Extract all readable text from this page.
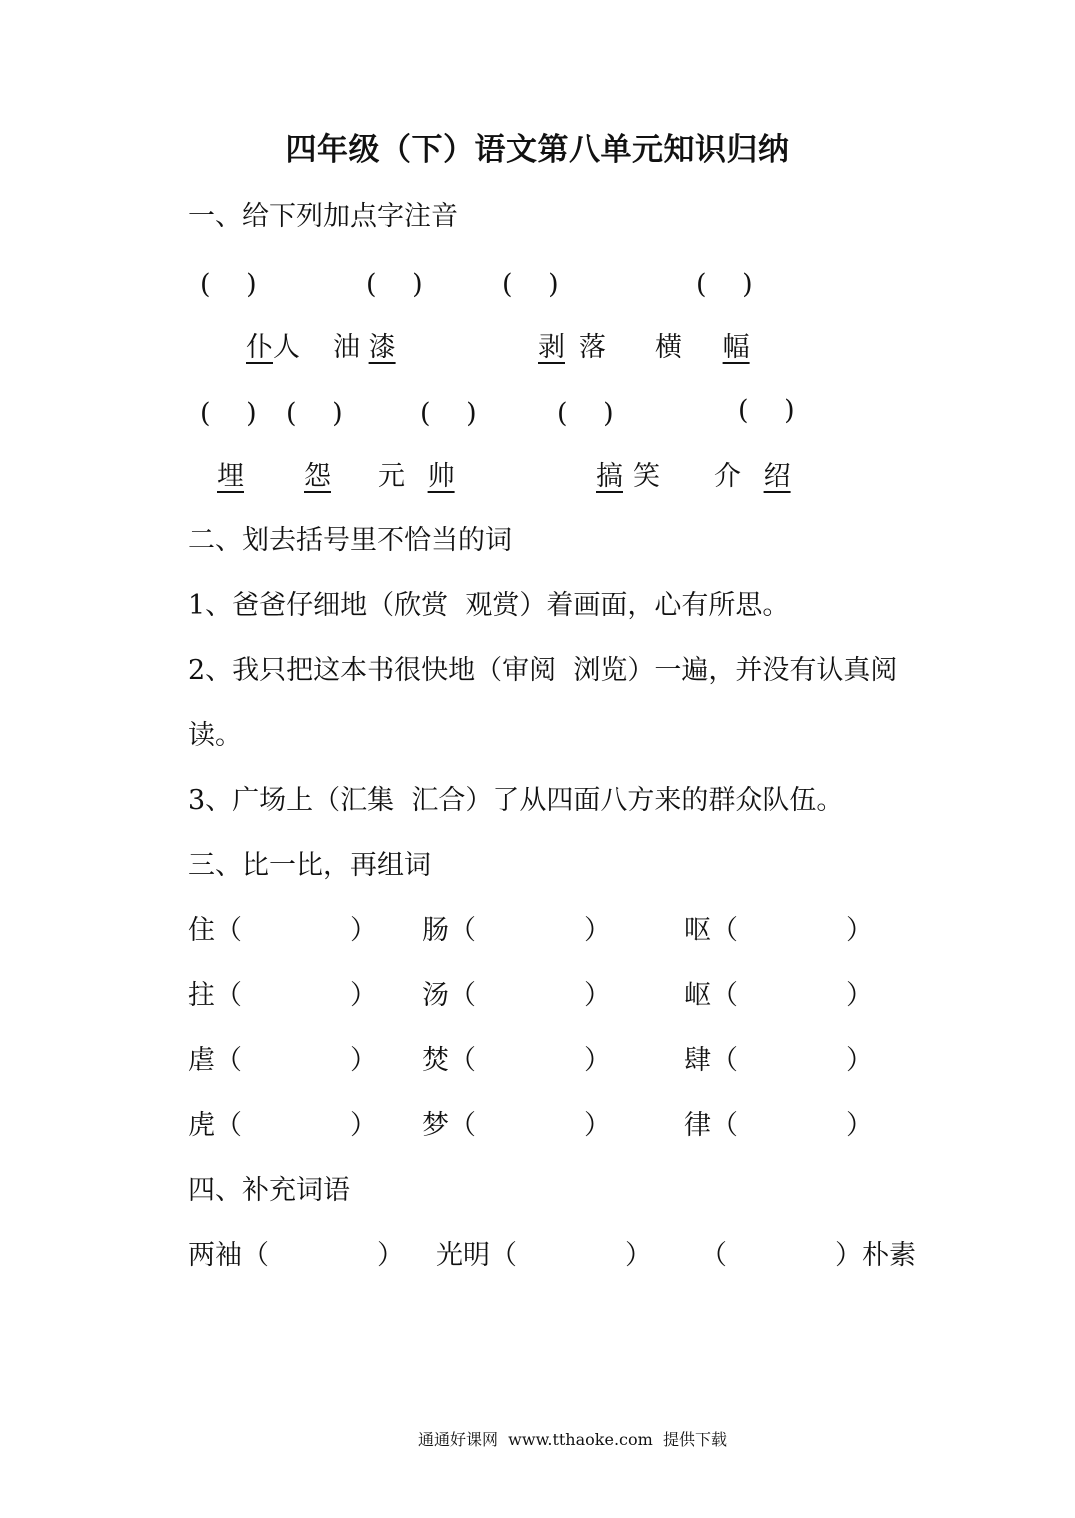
四年级（下）语文第八单元知识归纳
一、给下列加点字注音
(　 )	(　 )	(　 )	(　 )
仆人 油 漆	剥 落 横 幅
(　 ) (　 )	(　 )	(　 )	(　 )
埋 怨 元 帅	搞 笑 介 绍
二、划去括号里不恰当的词
1、爸爸仔细地（欣赏  观赏）着画面，心有所思。
2、我只把这本书很快地（审阅  浏览）一遍，并没有认真阅
读。
3、广场上（汇集  汇合）了从四面八方来的群众队伍。
三、比一比，再组词
住（　　　　） 肠（　　　　）	呕（　　　　）
拄（　　　　） 汤（　　　　）	岖（　　　　）
虐（　　　　） 焚（　　　　）	肆（　　　　）
虎（　　　　） 梦（　　　　）	律（　　　　）
四、补充词语
两袖（　　　　） 光明（　　　　） （　　　　）朴素
通通好课网  www.tthaoke.com  提供下载
